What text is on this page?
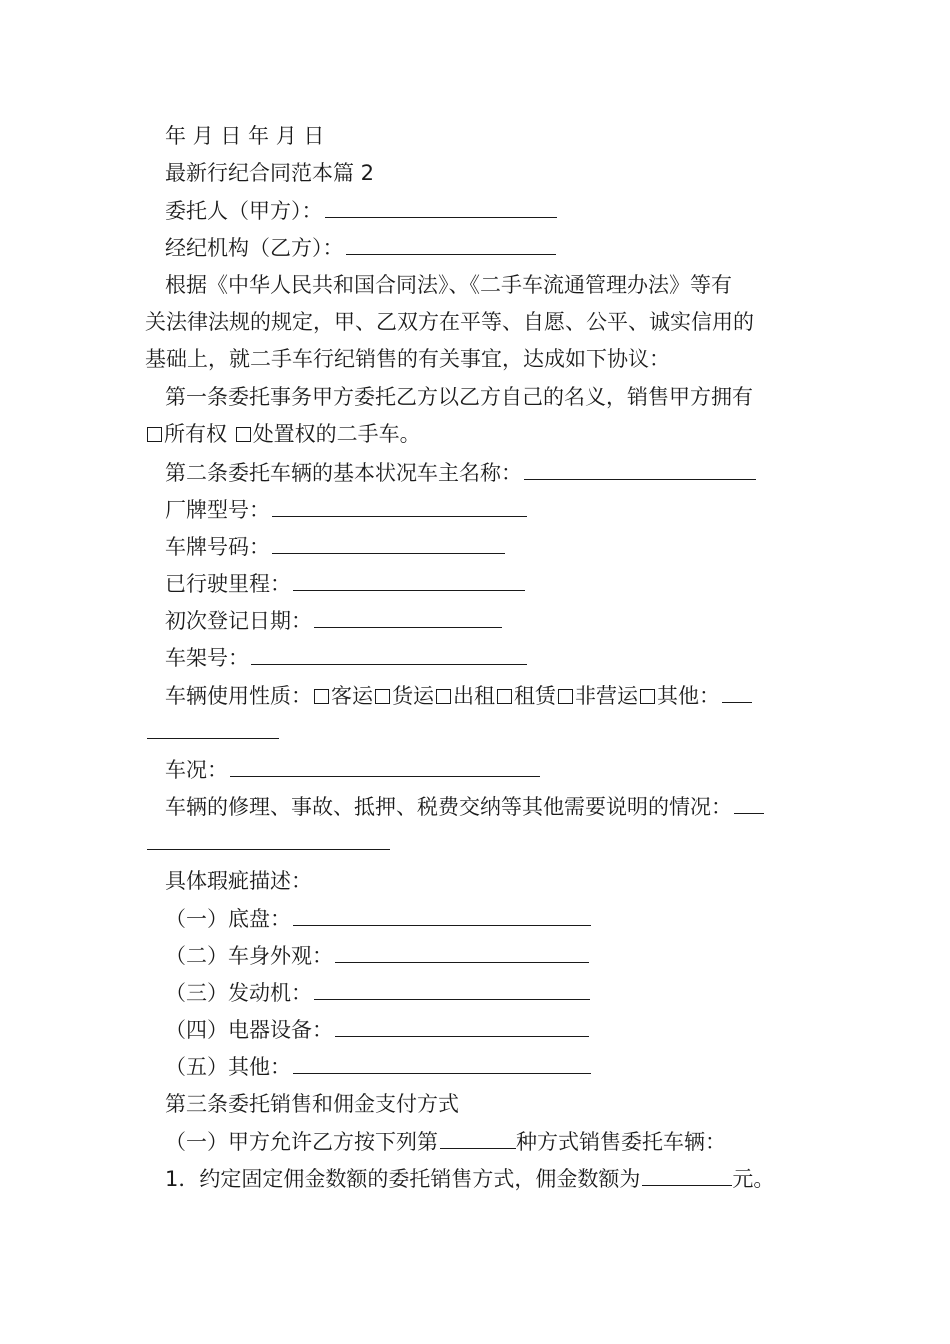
年 月 日 年 月 日
最新行纪合同范本篇 2
委托人（甲方）：
经纪机构（乙方）：
根据《中华人民共和国合同法》、《二手车流通管理办法》等有
关法律法规的规定，甲、乙双方在平等、自愿、公平、诚实信用的
基础上，就二手车行纪销售的有关事宜，达成如下协议：
第一条委托事务甲方委托乙方以乙方自己的名义，销售甲方拥有
所有权 处置权的二手车。
第二条委托车辆的基本状况车主名称：
厂牌型号：
车牌号码：
已行驶里程：
初次登记日期：
车架号：
车辆使用性质： 客运 货运 出租 租赁 非营运 其他：
车况：
车辆的修理、事故、抵押、税费交纳等其他需要说明的情况：
具体瑕疵描述：
（一）底盘：
（二）车身外观：
（三）发动机：
（四）电器设备：
（五）其他：
第三条委托销售和佣金支付方式
（一）甲方允许乙方按下列第	种方式销售委托车辆：
1．约定固定佣金数额的委托销售方式，佣金数额为	元。
